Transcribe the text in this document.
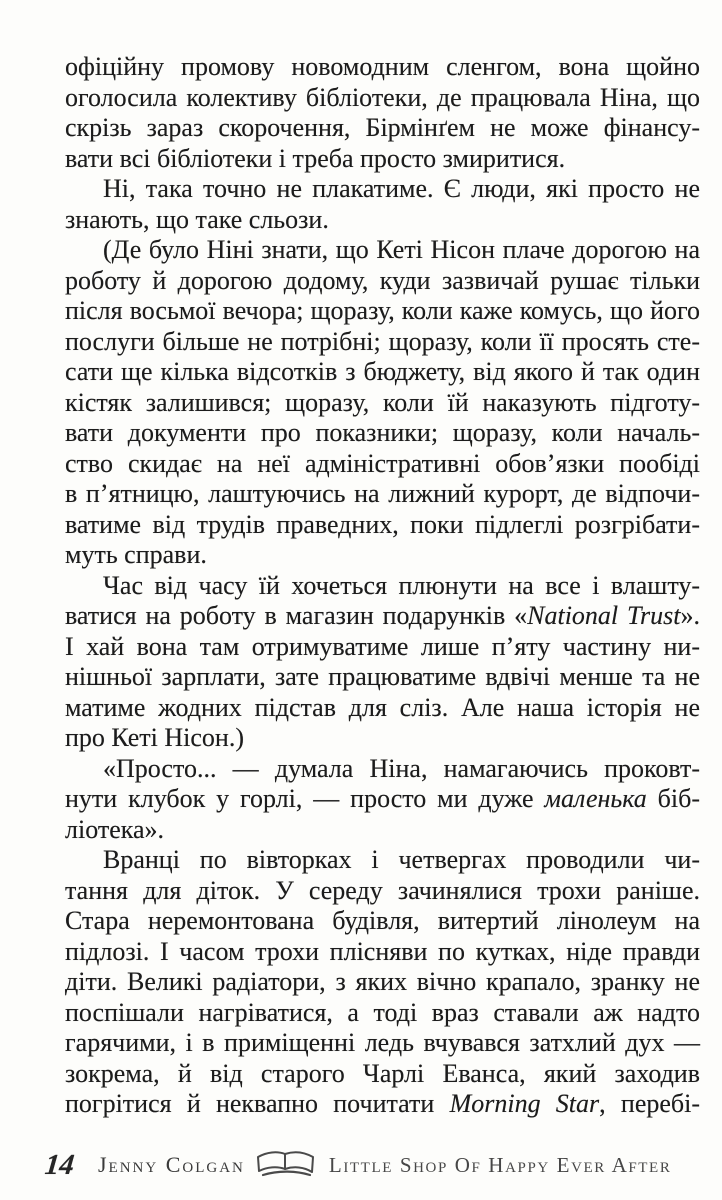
офіційну промову новомодним сленгом, вона щойно
оголосила колективу бібліотеки, де працювала Ніна, що
скрізь зараз скорочення, Бірмінґем не може фінансу-
вати всі бібліотеки і треба просто змиритися.
Ні, така точно не плакатиме. Є люди, які просто не
знають, що таке сльози.
(Де було Ніні знати, що Кеті Нісон плаче дорогою на
роботу й дорогою додому, куди зазвичай рушає тільки
після восьмої вечора; щоразу, коли каже комусь, що його
послуги більше не потрібні; щоразу, коли її просять сте-
сати ще кілька відсотків з бюджету, від якого й так один
кістяк залишився; щоразу, коли їй наказують підготу-
вати документи про показники; щоразу, коли началь-
ство скидає на неї адміністративні обов’язки пообіді
в п’ятницю, лаштуючись на лижний курорт, де відпочи-
ватиме від трудів праведних, поки підлеглі розгрібати-
муть справи.
Час від часу їй хочеться плюнути на все і влашту-
ватися на роботу в магазин подарунків «National Trust».
І хай вона там отримуватиме лише п’яту частину ни-
нішньої зарплати, зате працюватиме вдвічі менше та не
матиме жодних підстав для сліз. Але наша історія не
про Кеті Нісон.)
«Просто... — думала Ніна, намагаючись проковт-
нути клубок у горлі, — просто ми дуже маленька біб-
ліотека».
Вранці по вівторках і четвергах проводили чи-
тання для діток. У середу зачинялися трохи раніше.
Стара неремонтована будівля, витертий лінолеум на
підлозі. І часом трохи плісняви по кутках, ніде правди
діти. Великі радіатори, з яких вічно крапало, зранку не
поспішали нагріватися, а тоді враз ставали аж надто
гарячими, і в приміщенні ледь вчувався затхлий дух —
зокрема, й від старого Чарлі Еванса, який заходив
погрітися й неквапно почитати Morning Star, перебі-
14 Jenny Colgan	Little Shop Of Happy Ever After
